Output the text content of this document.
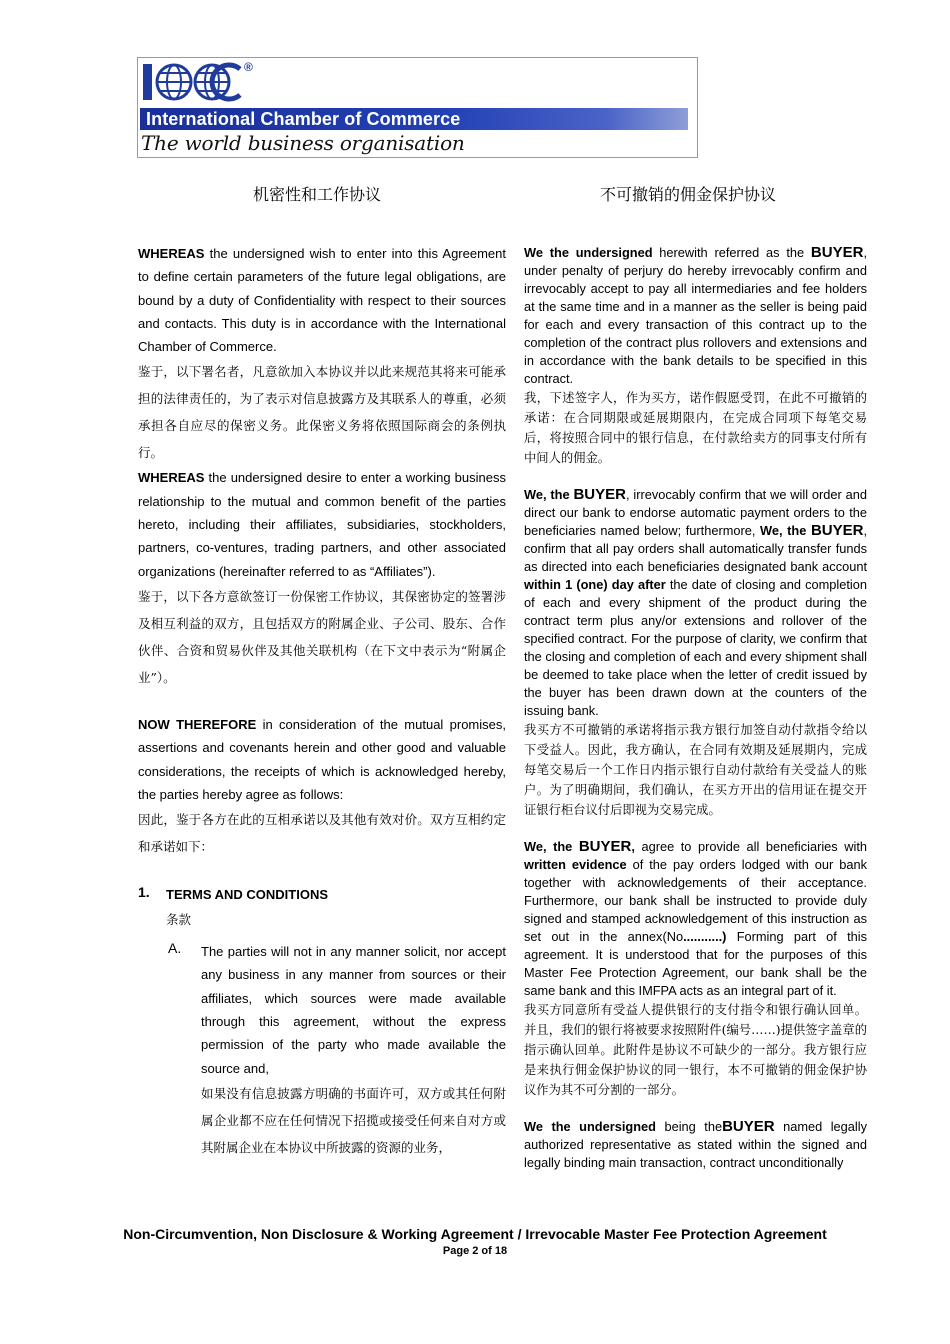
®
International Chamber of Commerce
The world business organisation
机密性和工作协议	不可撤销的佣金保护协议

WHEREAS the undersigned wish to enter into this Agreement to define certain parameters of the future legal obligations, are bound by a duty of Confidentiality with respect to their sources and contacts. This duty is in accordance with the International Chamber of Commerce.

鉴于，以下署名者，凡意欲加入本协议并以此来规范其将来可能承担的法律责任的，为了表示对信息披露方及其联系人的尊重，必须承担各自应尽的保密义务。此保密义务将依照国际商会的条例执行。

WHEREAS the undersigned desire to enter a working business relationship to the mutual and common benefit of the parties hereto, including their affiliates, subsidiaries, stockholders, partners, co-ventures, trading partners, and other associated organizations (hereinafter referred to as “Affiliates”).

鉴于，以下各方意欲签订一份保密工作协议，其保密协定的签署涉及相互利益的双方，且包括双方的附属企业、子公司、股东、合作伙伴、合资和贸易伙伴及其他关联机构（在下文中表示为“附属企业”）。

NOW THEREFORE in consideration of the mutual promises, assertions and covenants herein and other good and valuable considerations, the receipts of which is acknowledged hereby, the parties hereby agree as follows:

因此，鉴于各方在此的互相承诺以及其他有效对价。双方互相约定和承诺如下：

1.	TERMS AND CONDITIONS
条款
A.	The parties will not in any manner solicit, nor accept any business in any manner from sources or their affiliates, which sources were made available through this agreement, without the express permission of the party who made available the source and,

如果没有信息披露方明确的书面许可，双方或其任何附属企业都不应在任何情况下招揽或接受任何来自对方或其附属企业在本协议中所披露的资源的业务，

We the undersigned herewith referred as the BUYER, under penalty of perjury do hereby irrevocably confirm and irrevocably accept to pay all intermediaries and fee holders at the same time and in a manner as the seller is being paid for each and every transaction of this contract up to the completion of the contract plus rollovers and extensions and in accordance with the bank details to be specified in this contract.

我，下述签字人，作为买方，诺作假愿受罚，在此不可撤销的承诺：在合同期限或延展期限内，在完成合同项下每笔交易后，将按照合同中的银行信息，在付款给卖方的同事支付所有中间人的佣金。

We, the BUYER, irrevocably confirm that we will order and direct our bank to endorse automatic payment orders to the beneficiaries named below; furthermore, We, the BUYER, confirm that all pay orders shall automatically transfer funds as directed into each beneficiaries designated bank account within 1 (one) day after the date of closing and completion of each and every shipment of the product during the contract term plus any/or extensions and rollover of the specified contract. For the purpose of clarity, we confirm that the closing and completion of each and every shipment shall be deemed to take place when the letter of credit issued by the buyer has been drawn down at the counters of the issuing bank.

我买方不可撤销的承诺将指示我方银行加签自动付款指令给以下受益人。因此，我方确认，在合同有效期及延展期内，完成每笔交易后一个工作日内指示银行自动付款给有关受益人的账户。为了明确期间，我们确认，在买方开出的信用证在提交开证银行柜台议付后即视为交易完成。

We, the BUYER, agree to provide all beneficiaries with written evidence of the pay orders lodged with our bank together with acknowledgements of their acceptance. Furthermore, our bank shall be instructed to provide duly signed and stamped acknowledgement of this instruction as set out in the annex(No...........) Forming part of this agreement. It is understood that for the purposes of this Master Fee Protection Agreement, our bank shall be the same bank and this IMFPA acts as an integral part of it.

我买方同意所有受益人提供银行的支付指令和银行确认回单。并且，我们的银行将被要求按照附件(编号……)提供签字盖章的指示确认回单。此附件是协议不可缺少的一部分。我方银行应是来执行佣金保护协议的同一银行，本不可撤销的佣金保护协议作为其不可分割的一部分。

We the undersigned being theBUYER named legally authorized representative as stated within the signed and legally binding main transaction, contract unconditionally

Non-Circumvention, Non Disclosure & Working Agreement / Irrevocable Master Fee Protection Agreement
Page 2 of 18
